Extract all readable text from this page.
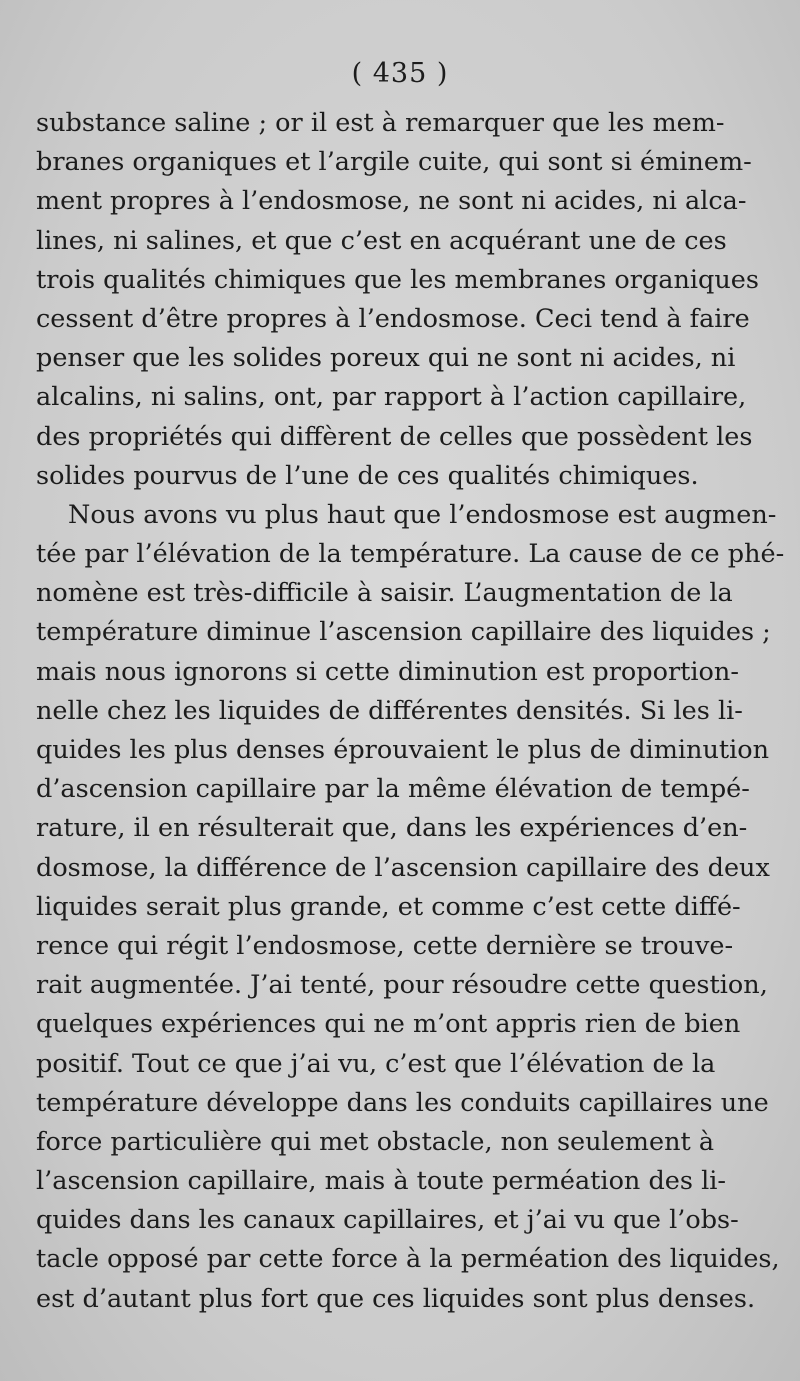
( 435 )
substance saline ; or il est à remarquer que les mem-
branes organiques et l’argile cuite, qui sont si éminem-
ment propres à l’endosmose, ne sont ni acides, ni alca-
lines, ni salines, et que c’est en acquérant une de ces
trois qualités chimiques que les membranes organiques
cessent d’être propres à l’endosmose. Ceci tend à faire
penser que les solides poreux qui ne sont ni acides, ni
alcalins, ni salins, ont, par rapport à l’action capillaire,
des propriétés qui diffèrent de celles que possèdent les
solides pourvus de l’une de ces qualités chimiques.
Nous avons vu plus haut que l’endosmose est augmen-
tée par l’élévation de la température. La cause de ce phé-
nomène est très-difficile à saisir. L’augmentation de la
température diminue l’ascension capillaire des liquides ;
mais nous ignorons si cette diminution est proportion-
nelle chez les liquides de différentes densités. Si les li-
quides les plus denses éprouvaient le plus de diminution
d’ascension capillaire par la même élévation de tempé-
rature, il en résulterait que, dans les expériences d’en-
dosmose, la différence de l’ascension capillaire des deux
liquides serait plus grande, et comme c’est cette diffé-
rence qui régit l’endosmose, cette dernière se trouve-
rait augmentée. J’ai tenté, pour résoudre cette question,
quelques expériences qui ne m’ont appris rien de bien
positif. Tout ce que j’ai vu, c’est que l’élévation de la
température développe dans les conduits capillaires une
force particulière qui met obstacle, non seulement à
l’ascension capillaire, mais à toute perméation des li-
quides dans les canaux capillaires, et j’ai vu que l’obs-
tacle opposé par cette force à la perméation des liquides,
est d’autant plus fort que ces liquides sont plus denses.
